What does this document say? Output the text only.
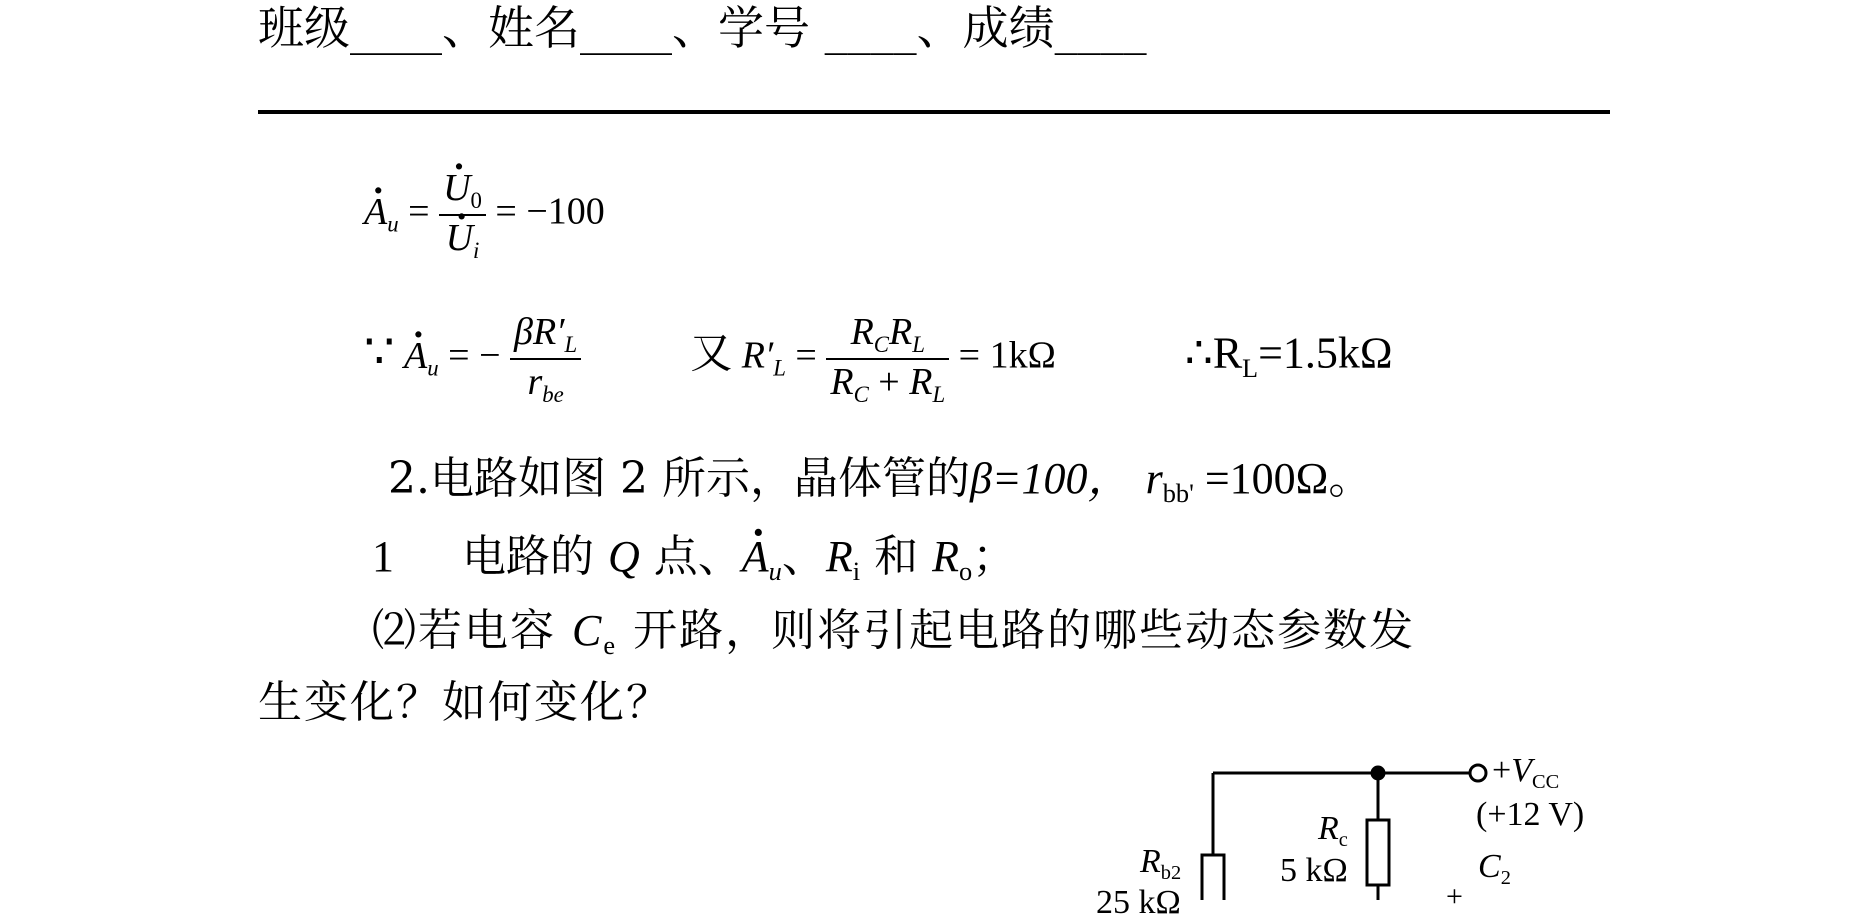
班级____、姓名____、学号 ____、成绩____
· $A_u$ = · $U_0$
· $U_i = -100$
∵ · $A_u$ = − $\frac{\beta R'_L}{r_{be}}$	又 $R'_L = \frac{R_CR_L}{R_C + R_L} = 1k\Omega$	$\therefore R_L=1.5k\Omega$
2.电路如图 2 所示，晶体管的β=100， $r_{bb'} =100\Omega$。
1 电路的 Q 点、· $A_u$、$R_i$ 和 $R_o$；
⑵若电容 $C_e$ 开路，则将引起电路的哪些动态参数发
生变化？如何变化？
$+V_{CC}$
(+12 V)
$R_c$
5 kΩ
$R_{b2}$
25 kΩ
$C_2$
+
